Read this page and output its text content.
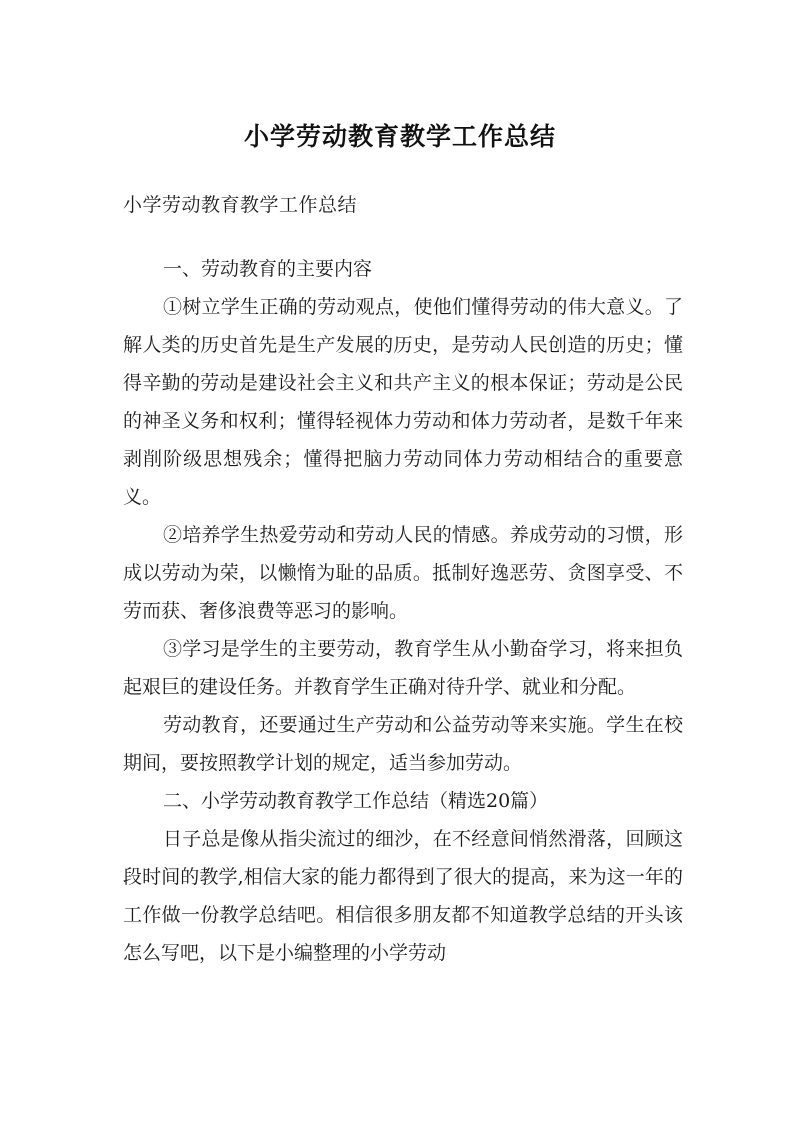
小学劳动教育教学工作总结
小学劳动教育教学工作总结

一、劳动教育的主要内容

①树立学生正确的劳动观点，使他们懂得劳动的伟大意义。了解人类的历史首先是生产发展的历史，是劳动人民创造的历史；懂得辛勤的劳动是建设社会主义和共产主义的根本保证；劳动是公民的神圣义务和权利；懂得轻视体力劳动和体力劳动者，是数千年来剥削阶级思想残余；懂得把脑力劳动同体力劳动相结合的重要意义。

②培养学生热爱劳动和劳动人民的情感。养成劳动的习惯，形成以劳动为荣，以懒惰为耻的品质。抵制好逸恶劳、贪图享受、不劳而获、奢侈浪费等恶习的影响。

③学习是学生的主要劳动，教育学生从小勤奋学习，将来担负起艰巨的建设任务。并教育学生正确对待升学、就业和分配。

劳动教育，还要通过生产劳动和公益劳动等来实施。学生在校期间，要按照教学计划的规定，适当参加劳动。

二、小学劳动教育教学工作总结（精选20篇）

日子总是像从指尖流过的细沙，在不经意间悄然滑落，回顾这段时间的教学,相信大家的能力都得到了很大的提高，来为这一年的工作做一份教学总结吧。相信很多朋友都不知道教学总结的开头该怎么写吧，以下是小编整理的小学劳动
